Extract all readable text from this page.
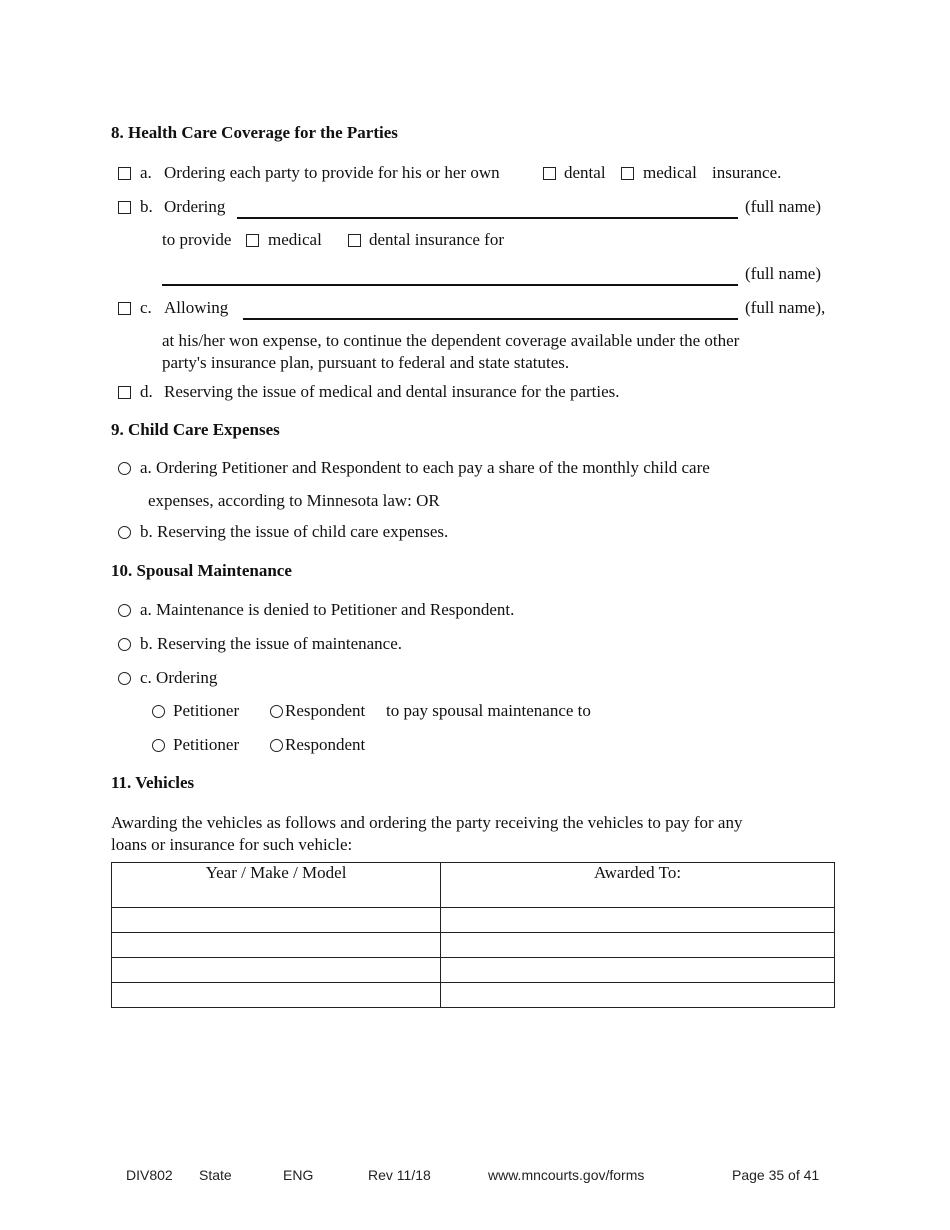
8. Health Care Coverage for the Parties
a. Ordering each party to provide for his or her own	dental medical insurance.
b. Ordering	(full name)
to provide medical	dental insurance for
(full name)
c. Allowing	(full name),
at his/her won expense, to continue the dependent coverage available under the other
party's insurance plan, pursuant to federal and state statutes.
d. Reserving the issue of medical and dental insurance for the parties.
9. Child Care Expenses
a. Ordering Petitioner and Respondent to each pay a share of the monthly child care
expenses, according to Minnesota law: OR
b. Reserving the issue of child care expenses.
10. Spousal Maintenance
a. Maintenance is denied to Petitioner and Respondent.
b. Reserving the issue of maintenance.
c. Ordering
Petitioner	Respondent to pay spousal maintenance to
Petitioner	Respondent
11. Vehicles
Awarding the vehicles as follows and ordering the party receiving the vehicles to pay for any
loans or insurance for such vehicle:
Year / Make / Model	Awarded To:

DIV802 State	ENG	Rev 11/18	www.mncourts.gov/forms	Page 35 of 41
